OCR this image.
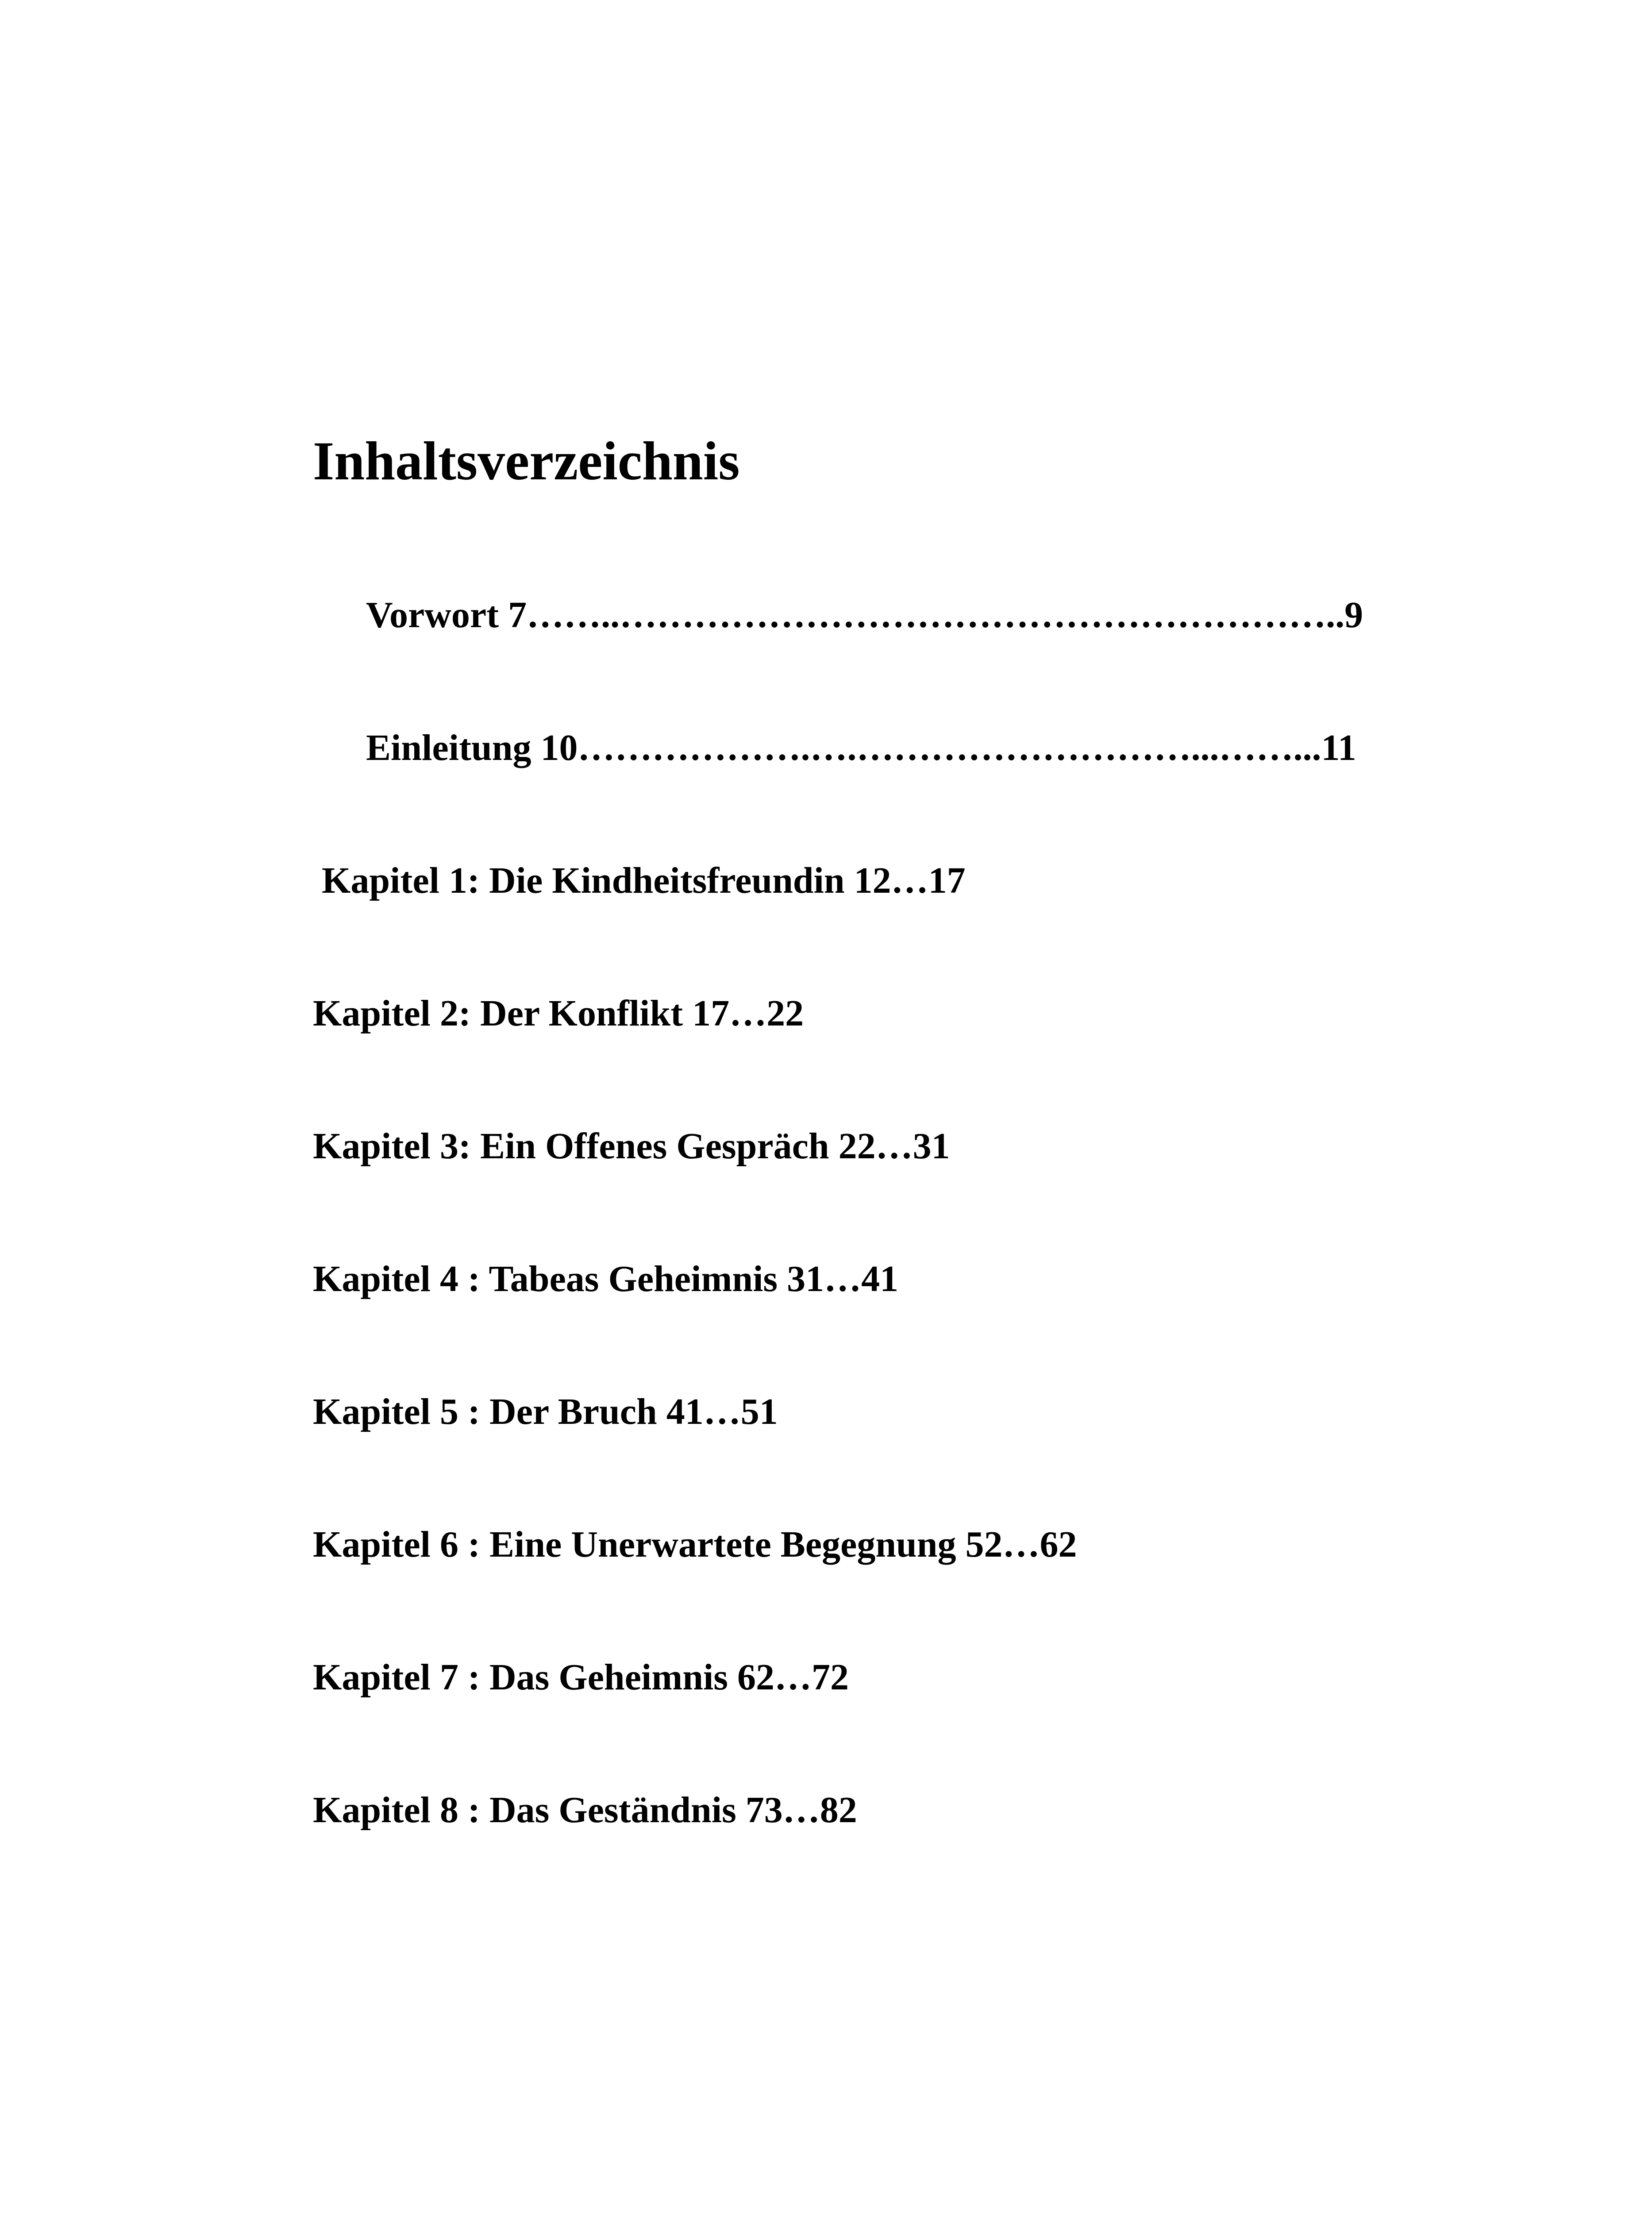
Inhaltsverzeichnis

Vorwort 7……..…………………………………………………..9

Einleitung 10……………….….………………………...……...11

Kapitel 1: Die Kindheitsfreundin 12…17

Kapitel 2: Der Konflikt 17…22

Kapitel 3: Ein Offenes Gespräch 22…31

Kapitel 4 : Tabeas Geheimnis 31…41

Kapitel 5 : Der Bruch 41…51

Kapitel 6 : Eine Unerwartete Begegnung 52…62

Kapitel 7 : Das Geheimnis 62…72

Kapitel 8 : Das Geständnis 73…82
